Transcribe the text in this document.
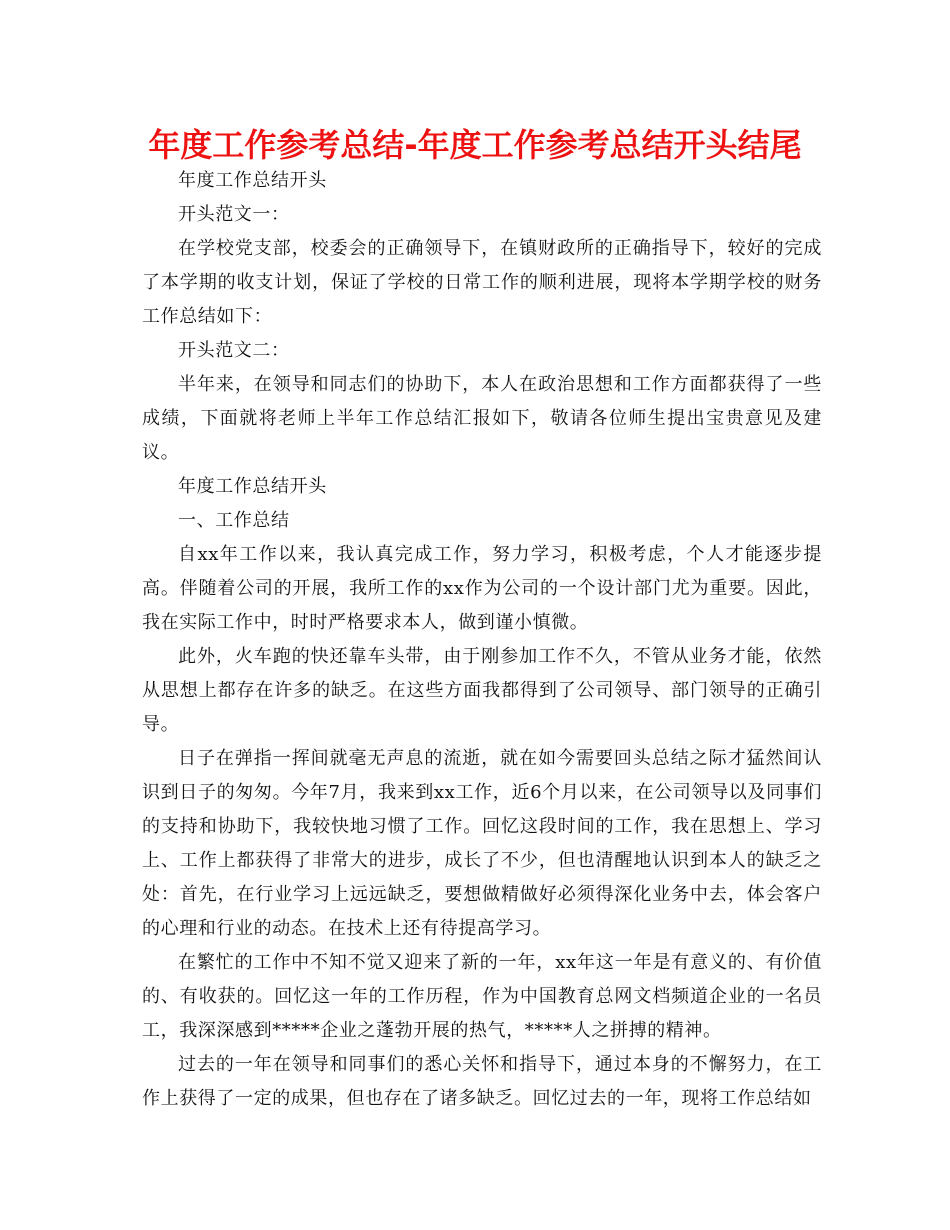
年度工作参考总结-年度工作参考总结开头结尾

年度工作总结开头

开头范文一：

在学校党支部，校委会的正确领导下，在镇财政所的正确指导下，较好的完成了本学期的收支计划，保证了学校的日常工作的顺利进展，现将本学期学校的财务工作总结如下：

开头范文二：

半年来，在领导和同志们的协助下，本人在政治思想和工作方面都获得了一些成绩，下面就将老师上半年工作总结汇报如下，敬请各位师生提出宝贵意见及建议。

年度工作总结开头

一、工作总结

自xx年工作以来，我认真完成工作，努力学习，积极考虑，个人才能逐步提高。伴随着公司的开展，我所工作的xx作为公司的一个设计部门尤为重要。因此，我在实际工作中，时时严格要求本人，做到谨小慎微。

此外，火车跑的快还靠车头带，由于刚参加工作不久，不管从业务才能，依然从思想上都存在许多的缺乏。在这些方面我都得到了公司领导、部门领导的正确引导。

日子在弹指一挥间就毫无声息的流逝，就在如今需要回头总结之际才猛然间认识到日子的匆匆。今年7月，我来到xx工作，近6个月以来，在公司领导以及同事们的支持和协助下，我较快地习惯了工作。回忆这段时间的工作，我在思想上、学习上、工作上都获得了非常大的进步，成长了不少，但也清醒地认识到本人的缺乏之处：首先，在行业学习上远远缺乏，要想做精做好必须得深化业务中去，体会客户的心理和行业的动态。在技术上还有待提高学习。

在繁忙的工作中不知不觉又迎来了新的一年，xx年这一年是有意义的、有价值的、有收获的。回忆这一年的工作历程，作为中国教育总网文档频道企业的一名员工，我深深感到*****企业之蓬勃开展的热气，*****人之拼搏的精神。

过去的一年在领导和同事们的悉心关怀和指导下，通过本身的不懈努力，在工作上获得了一定的成果，但也存在了诸多缺乏。回忆过去的一年，现将工作总结如
